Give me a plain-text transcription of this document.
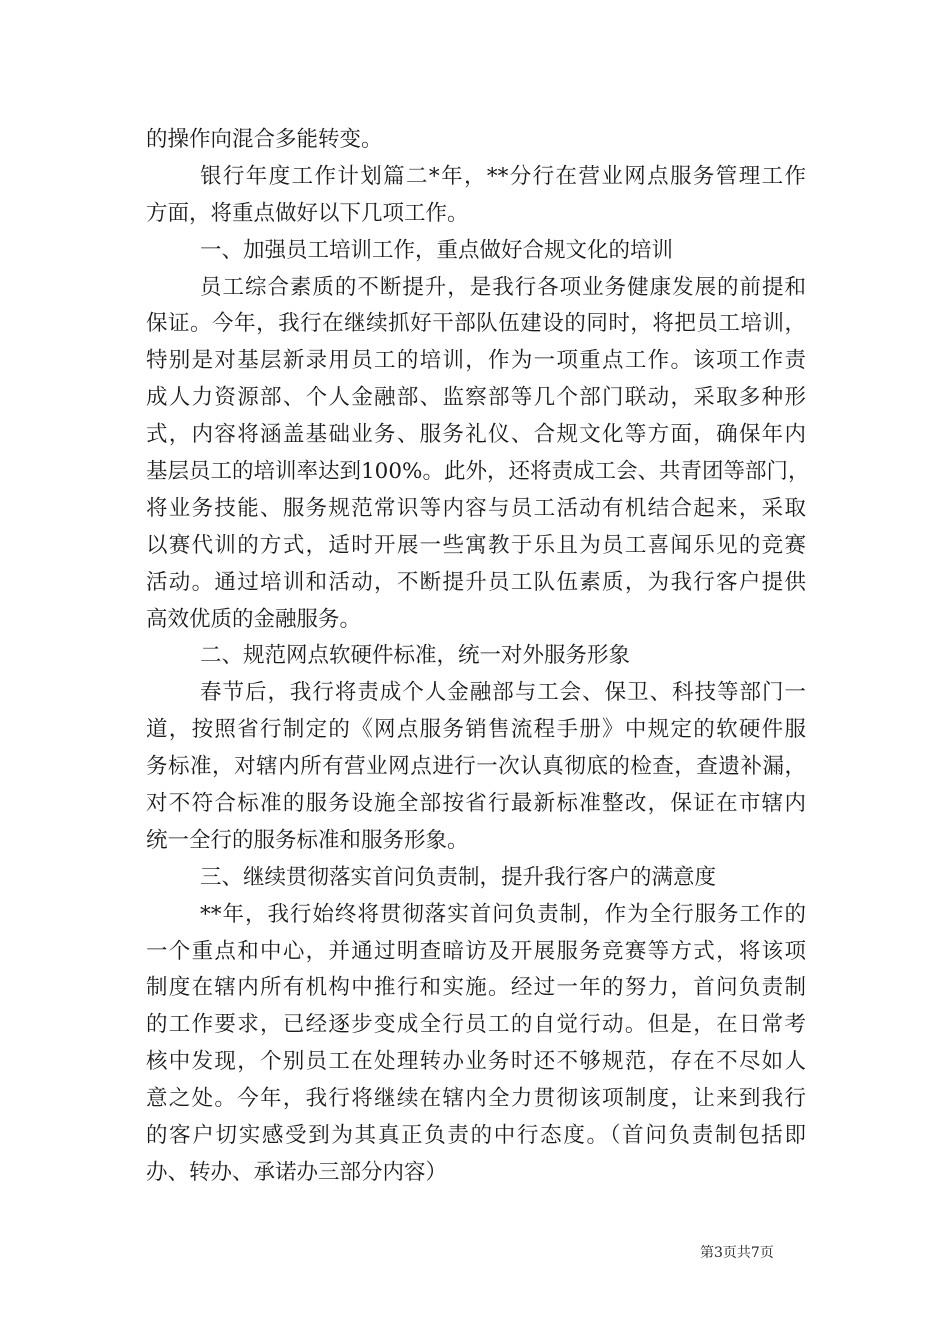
的操作向混合多能转变。
银行年度工作计划篇二*年，**分行在营业网点服务管理工作
方面，将重点做好以下几项工作。
一、加强员工培训工作，重点做好合规文化的培训
员工综合素质的不断提升，是我行各项业务健康发展的前提和
保证。今年，我行在继续抓好干部队伍建设的同时，将把员工培训，
特别是对基层新录用员工的培训，作为一项重点工作。该项工作责
成人力资源部、个人金融部、监察部等几个部门联动，采取多种形
式，内容将涵盖基础业务、服务礼仪、合规文化等方面，确保年内
基层员工的培训率达到100%。此外，还将责成工会、共青团等部门，
将业务技能、服务规范常识等内容与员工活动有机结合起来，采取
以赛代训的方式，适时开展一些寓教于乐且为员工喜闻乐见的竞赛
活动。通过培训和活动，不断提升员工队伍素质，为我行客户提供
高效优质的金融服务。
二、规范网点软硬件标准，统一对外服务形象
春节后，我行将责成个人金融部与工会、保卫、科技等部门一
道，按照省行制定的《网点服务销售流程手册》中规定的软硬件服
务标准，对辖内所有营业网点进行一次认真彻底的检查，查遗补漏，
对不符合标准的服务设施全部按省行最新标准整改，保证在市辖内
统一全行的服务标准和服务形象。
三、继续贯彻落实首问负责制，提升我行客户的满意度
**年，我行始终将贯彻落实首问负责制，作为全行服务工作的
一个重点和中心，并通过明查暗访及开展服务竞赛等方式，将该项
制度在辖内所有机构中推行和实施。经过一年的努力，首问负责制
的工作要求，已经逐步变成全行员工的自觉行动。但是，在日常考
核中发现，个别员工在处理转办业务时还不够规范，存在不尽如人
意之处。今年，我行将继续在辖内全力贯彻该项制度，让来到我行
的客户切实感受到为其真正负责的中行态度。（首问负责制包括即
办、转办、承诺办三部分内容）
第3页共7页
